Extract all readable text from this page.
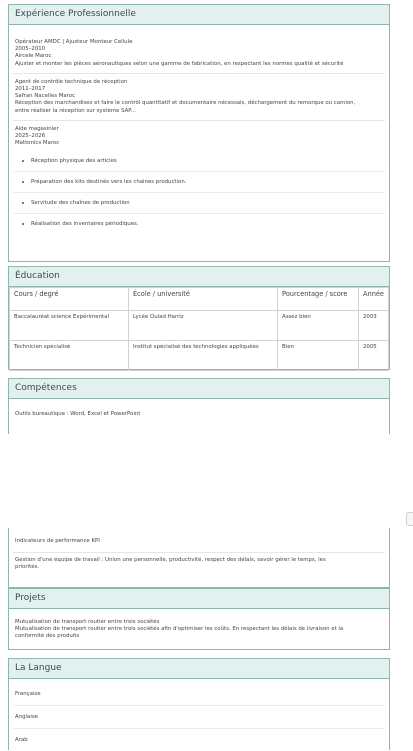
Expérience Professionnelle
Opérateur AMDC | Ajusteur Monteur Cellule
2005–2010
Aircele Maroc
Ajuster et monter les pièces aéronautiques selon une gamme de fabrication, en respectant les normes qualité et sécurité
Agent de contrôle technique de réception
2011–2017
Safran Nacelles Maroc
Réception des marchandises et faire le contrôl quantitatif et documentaire nécessais, déchargement du remorque ou camion, entre réaliser la réception sur système SAP...
Aide magasinier
2025–2026
Mattonics Maroc
Réception physique des articles
Préparation des kits destinés vers les chaines production.
Servitude des chaînes de production
Réalisation des inventaires périodiques.
Éducation
Cours / degré	École / université	Pourcentage / score	Année
Baccalauréat science Expérimental	Lycée Oulad Harriz	Assez bien	2003
Technicien spécialisé	Institut spécialisé des technologies appliquées	Bien	2005
Compétences
Outils bureautique : Word, Excel et PowerPoint
Indicateurs de performance KPI
Gestion d'une équipe de travail : Union une personnelle, productivité, respect des délais, savoir gérer le temps, les priorités.
Projets
Mutualisation de transport routier entre trois sociétés
Mutualisation de transport routier entre trois sociétés afin d'optimiser les coûts. En respectant les délais de livraison et la conformité des produits
La Langue
Française
Anglaise
Arab
